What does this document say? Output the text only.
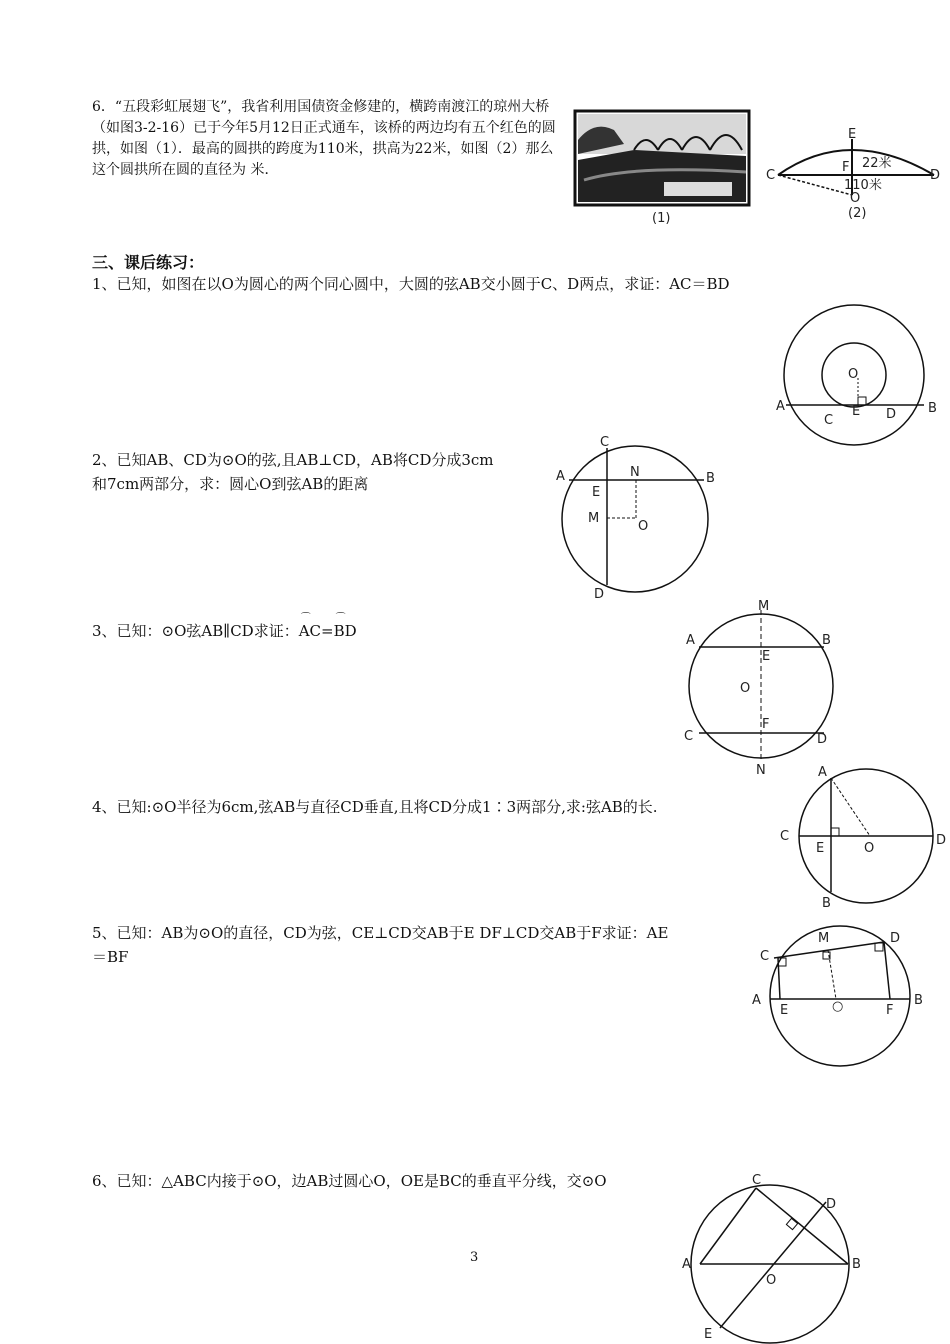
6．“五段彩虹展翅飞”，我省利用国债资金修建的，横跨南渡江的琼州大桥（如图3-2-16）已于今年5月12日正式通车，该桥的两边均有五个红色的圆拱，如图（1）．最高的圆拱的跨度为110米，拱高为22米，如图（2）那么这个圆拱所在圆的直径为 米．
(1)
E
F
C	D
O
22米
110米
(2)
三、课后练习：
1、已知，如图在以O为圆心的两个同心圆中，大圆的弦AB交小圆于C、D两点，求证：AC＝BD
A	B
C	D
E
O
2、已知AB、CD为⊙O的弦,且AB⊥CD，AB将CD分成3cm
和7cm两部分，求：圆心O到弦AB的距离
C
A	B
E
N
M
O
D
3、已知：⊙O弦AB∥CD求证：⌒ AC=⌒ BD
M
A	B
E
O
F
C	D
N
4、已知:⊙O半径为6cm,弦AB与直径CD垂直,且将CD分成1∶3两部分,求:弦AB的长.
A
C	D
E	O
B
5、已知：AB为⊙O的直径，CD为弦，CE⊥CD交AB于E DF⊥CD交AB于F求证：AE
＝BF	C
M	D
A
E	○	F
B
6、已知：△ABC内接于⊙O，边AB过圆心O，OE是BC的垂直平分线，交⊙O	C
D
A	B
O
E
3
